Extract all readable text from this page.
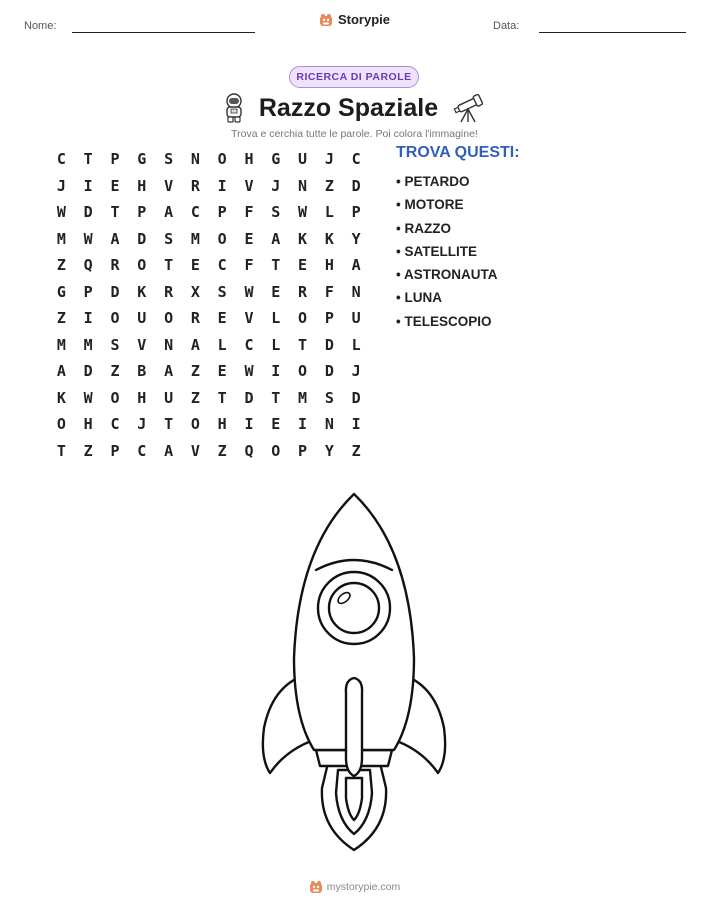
Nome:	Storypie	Data:
RICERCA DI PAROLE
Razzo Spaziale
Trova e cerchia tutte le parole. Poi colora l'immagine!
C	T	P	G	S	N	O	H	G	U	J	C
J	I	E	H	V	R	I	V	J	N	Z	D
W	D	T	P	A	C	P	F	S	W	L	P
M	W	A	D	S	M	O	E	A	K	K	Y
Z	Q	R	O	T	E	C	F	T	E	H	A
G	P	D	K	R	X	S	W	E	R	F	N
Z	I	O	U	O	R	E	V	L	O	P	U
M	M	S	V	N	A	L	C	L	T	D	L
A	D	Z	B	A	Z	E	W	I	O	D	J
K	W	O	H	U	Z	T	D	T	M	S	D
O	H	C	J	T	O	H	I	E	I	N	I
T	Z	P	C	A	V	Z	Q	O	P	Y	Z
TROVA QUESTI:
• PETARDO
• MOTORE
• RAZZO
• SATELLITE
• ASTRONAUTA
• LUNA
• TELESCOPIO
mystorypie.com
